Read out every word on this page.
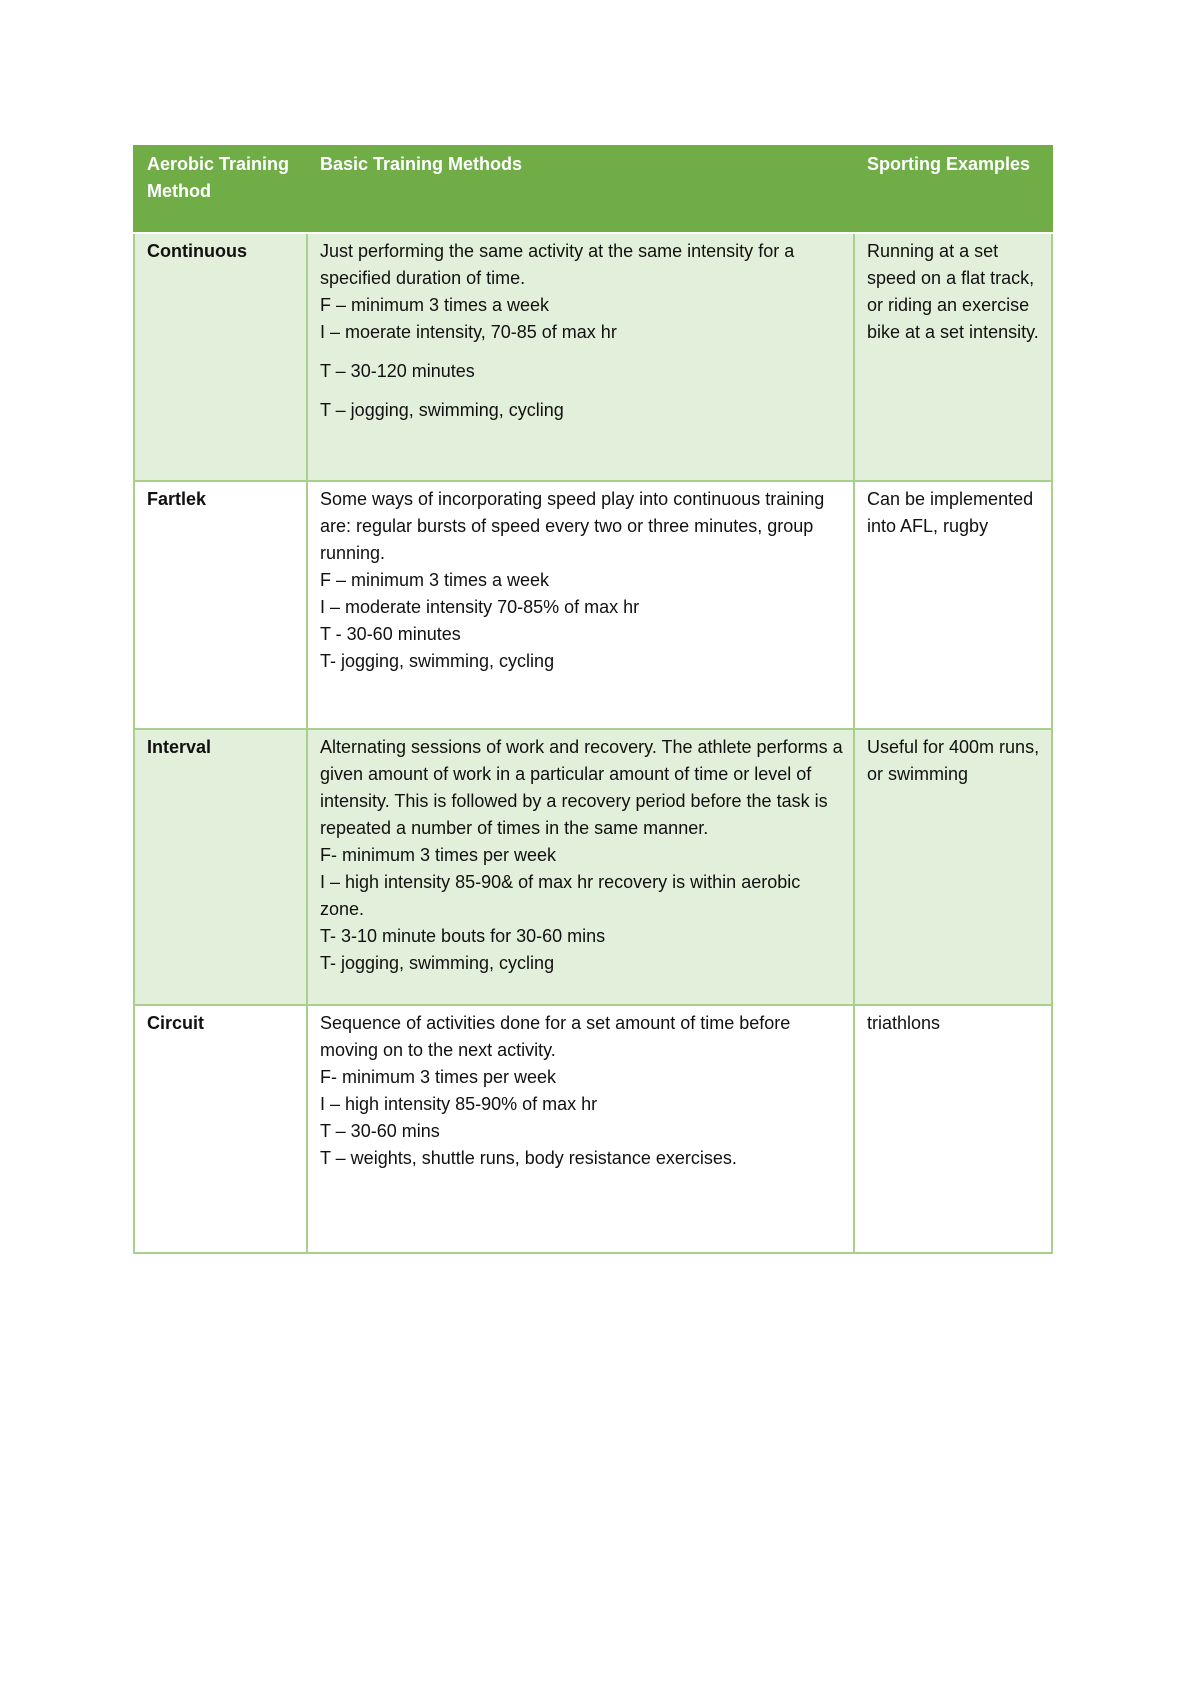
Aerobic Training Method	Basic Training Methods	Sporting Examples
Continuous	Just performing the same activity at the same intensity for a specified duration of time.
F – minimum 3 times a week
I – moerate intensity, 70-85 of max hr
T – 30-120 minutes
T – jogging, swimming, cycling	Running at a set speed on a flat track, or riding an exercise bike at a set intensity.
Fartlek	Some ways of incorporating speed play into continuous training are: regular bursts of speed every two or three minutes, group running.
F – minimum 3 times a week
I – moderate intensity 70-85% of max hr
T - 30-60 minutes
T- jogging, swimming, cycling	Can be implemented into AFL, rugby
Interval	Alternating sessions of work and recovery. The athlete performs a given amount of work in a particular amount of time or level of intensity. This is followed by a recovery period before the task is repeated a number of times in the same manner.
F- minimum 3 times per week
I – high intensity 85-90& of max hr recovery is within aerobic zone.
T- 3-10 minute bouts for 30-60 mins
T- jogging, swimming, cycling	Useful for 400m runs, or swimming
Circuit	Sequence of activities done for a set amount of time before moving on to the next activity.
F- minimum 3 times per week
I – high intensity 85-90% of max hr
T – 30-60 mins
T – weights, shuttle runs, body resistance exercises.	triathlons
